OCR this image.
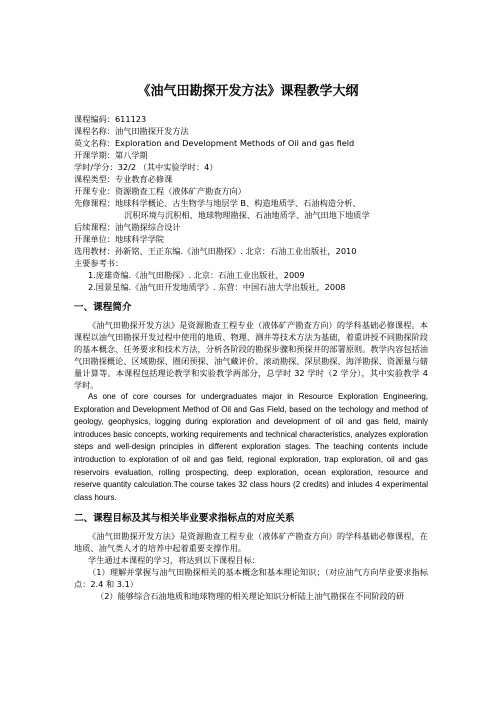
《油气田勘探开发方法》课程教学大纲
课程编码：611123
课程名称：油气田勘探开发方法
英文名称：Exploration and Development Methods of Oil and gas field
开课学期：第八学期
学时/学分：32/2 （其中实验学时：4）
课程类型：专业教育必修课
开课专业：资源勘查工程（液体矿产勘查方向）
先修课程：地球科学概论、古生物学与地层学 B、构造地质学、石油构造分析、
沉积环境与沉积相、地球物理勘探、石油地质学、油气田地下地质学
后续课程：油气勘探综合设计
开课单位：地球科学学院
选用教材：孙新铭、王正东编.《油气田勘探》. 北京：石油工业出版社，2010
主要参考书：
1.庞雄奇编.《油气田勘探》. 北京：石油工业出版社，2009
2.国景星编.《油气田开发地质学》. 东营：中国石油大学出版社，2008
一、课程简介

《油气田勘探开发方法》是资源勘查工程专业（液体矿产勘查方向）的学科基础必修课程。本课程以油气田勘探开发过程中使用的地质、物理、测井等技术方法为基础，着重讲授不同勘探阶段的基本概念、任务要求和技术方法，分析各阶段的勘探步骤和预探井的部署原则。教学内容包括油气田勘探概论、区域勘探、圈闭预探、油气藏评价、滚动勘探、深层勘探、海洋勘探、资源量与储量计算等。本课程包括理论教学和实验教学两部分，总学时 32 学时（2 学分），其中实验教学 4 学时。

As one of core courses for undergraduates major in Resource Exploration Engineering, Exploration and Development Method of Oil and Gas Field, based on the techology and method of geology, geophysics, logging during exploration and development of oil and gas field, mainly introduces basic concepts, working requirements and technical characteristics, analyzes exploration steps and well-design principles in different exploration stages. The teaching contents include introduction to exploration of oil and gas field, regional exploration, trap exploration, oil and gas reservoirs evaluation, rolling prospecting, deep exploration, ocean exploration, resource and reserve quantity calculation.The course takes 32 class hours (2 credits) and inludes 4 experimental class hours.

二、课程目标及其与相关毕业要求指标点的对应关系

《油气田勘探开发方法》是资源勘查工程专业（液体矿产勘查方向）的学科基础必修课程，在地质、油气类人才的培养中起着重要支撑作用。

学生通过本课程的学习，将达到以下课程目标：

（1）理解并掌握与油气田勘探相关的基本概念和基本理论知识；（对应油气方向毕业要求指标点：2.4 和 3.1）

（2）能够综合石油地质和地球物理的相关理论知识分析陆上油气勘探在不同阶段的研
